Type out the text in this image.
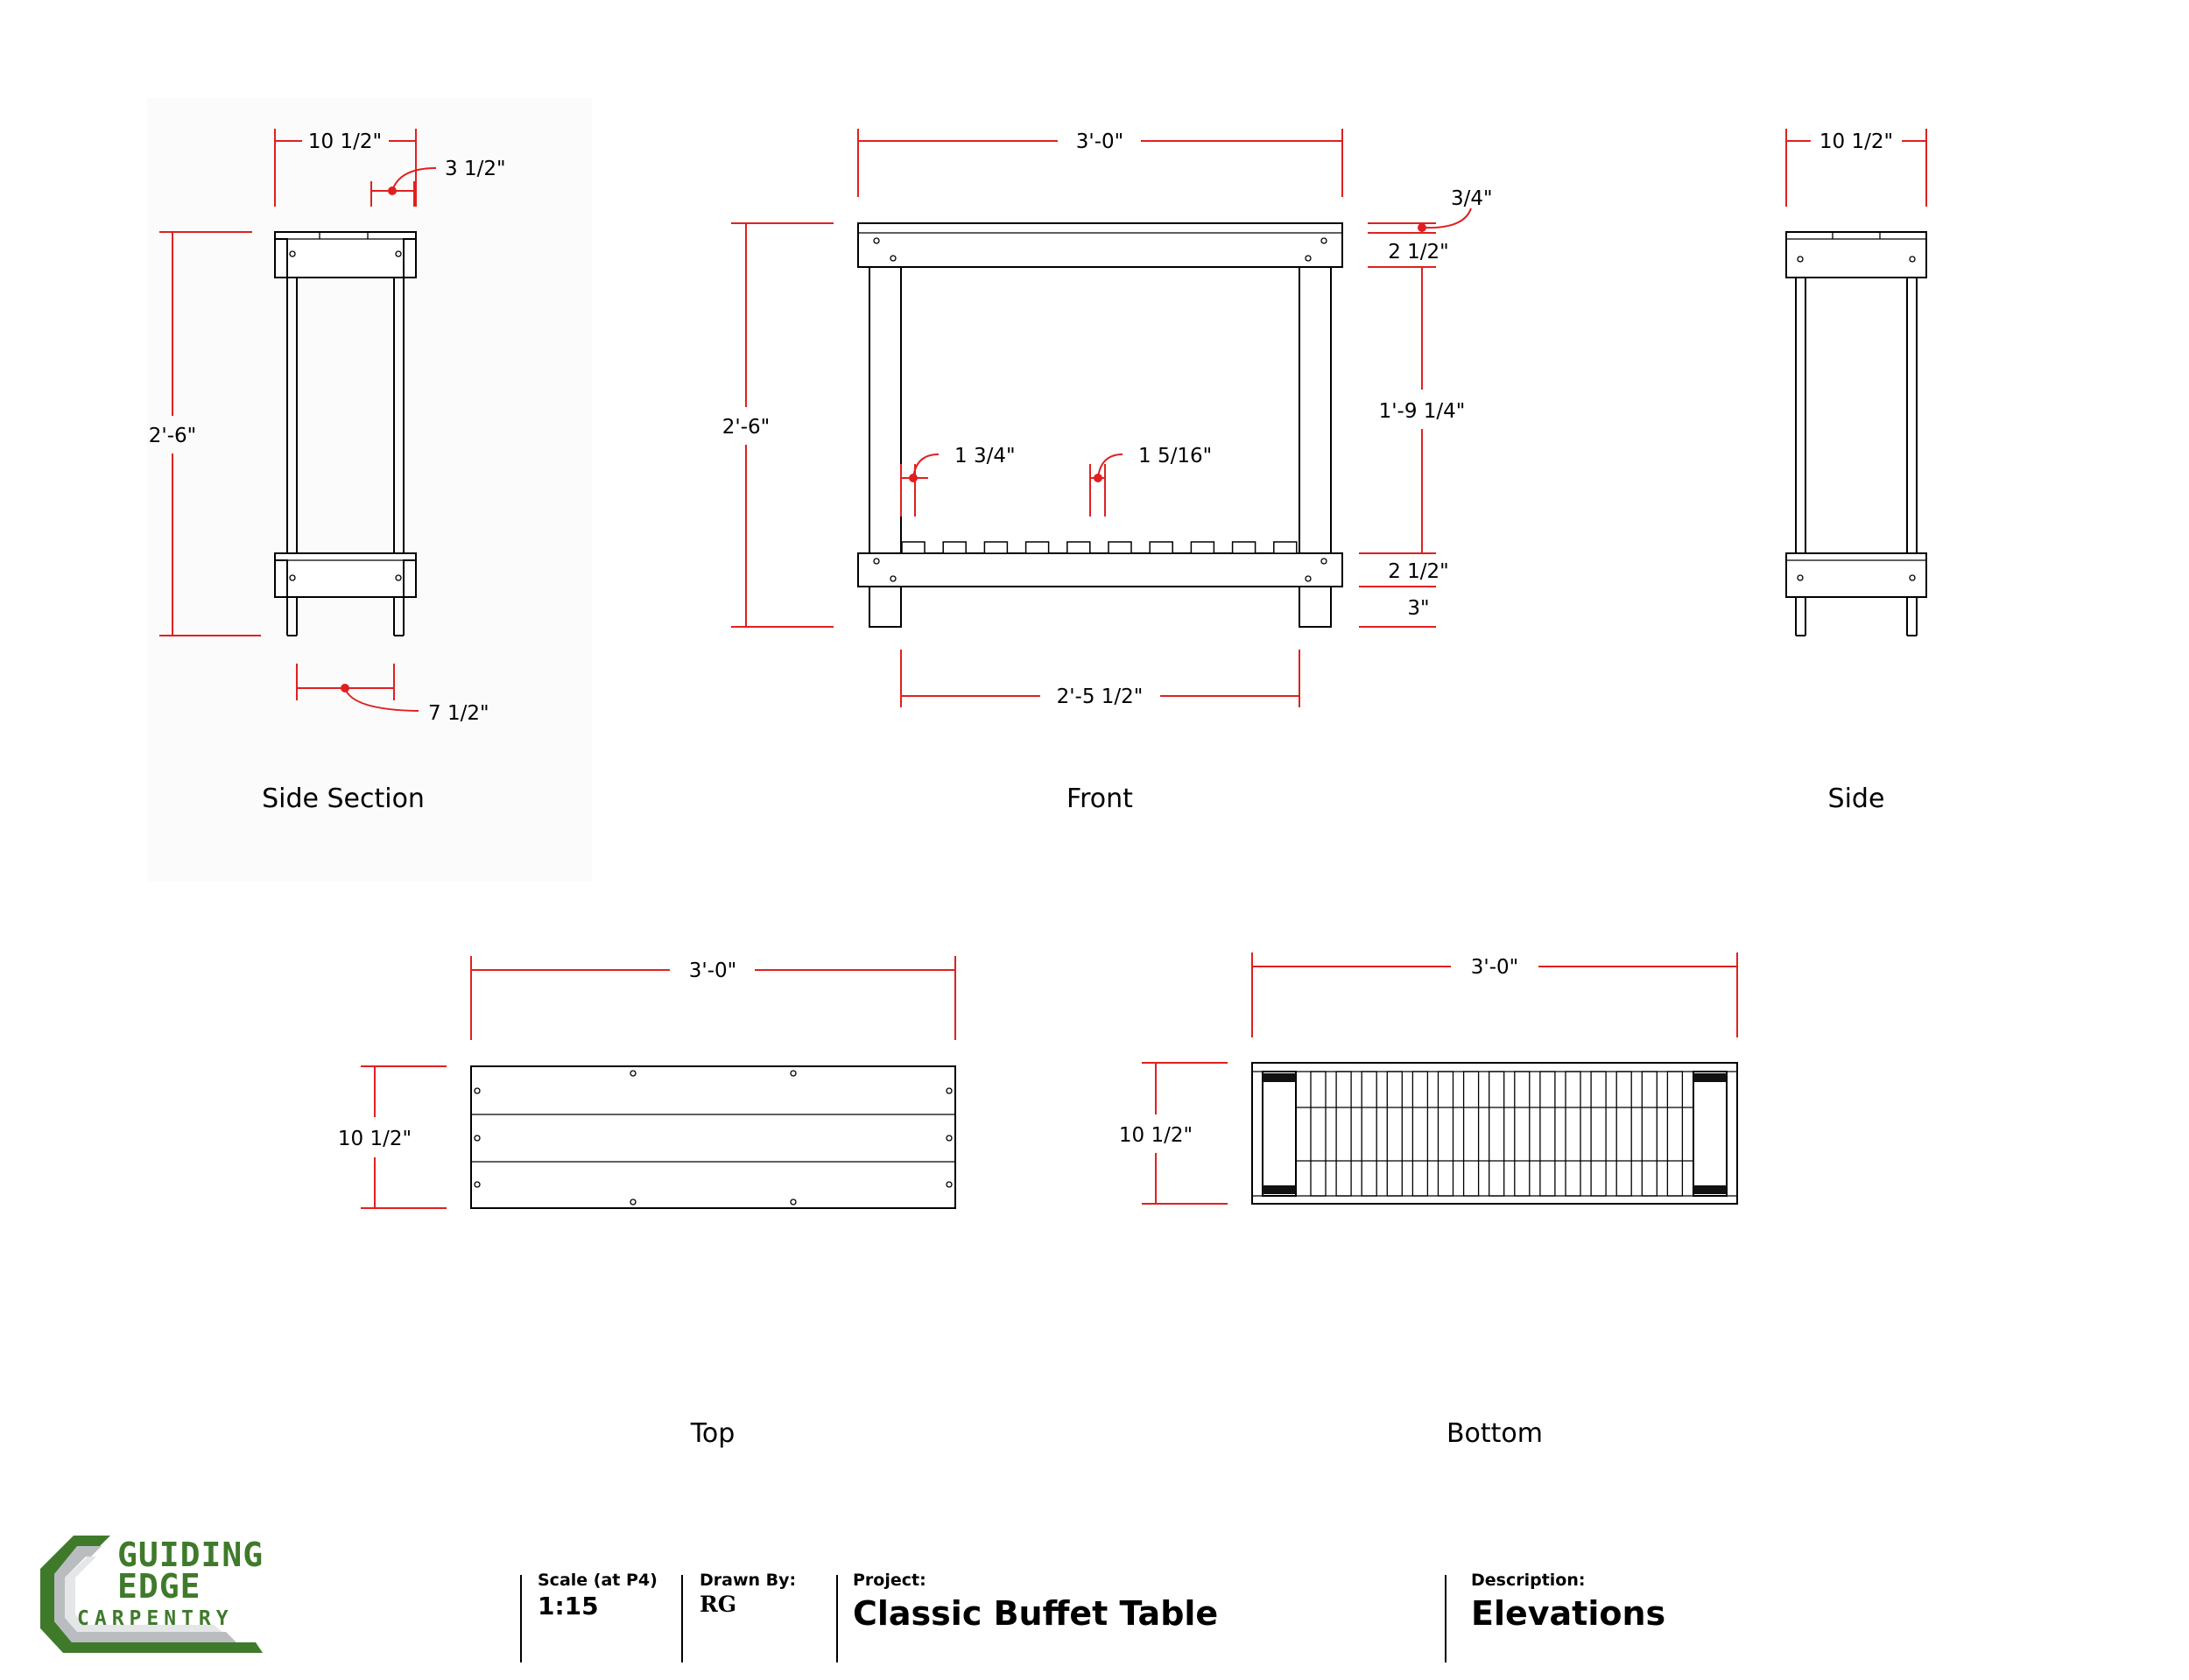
10 1/2"
3 1/2"
2'-6"
7 1/2"
Side Section
3'-0"
2'-6"
3/4"
2 1/2"
1'-9 1/4"
2 1/2"
3"
1 3/4"	1 5/16"
2'-5 1/2"
Front
10 1/2"
Side
3'-0"
10 1/2"
Top
3'-0"
10 1/2"
Bottom
GUIDING
EDGE
CARPENTRY
Scale (at P4)
1:15
Drawn By:
RG
Project:
Classic Buffet Table
Description:
Elevations
